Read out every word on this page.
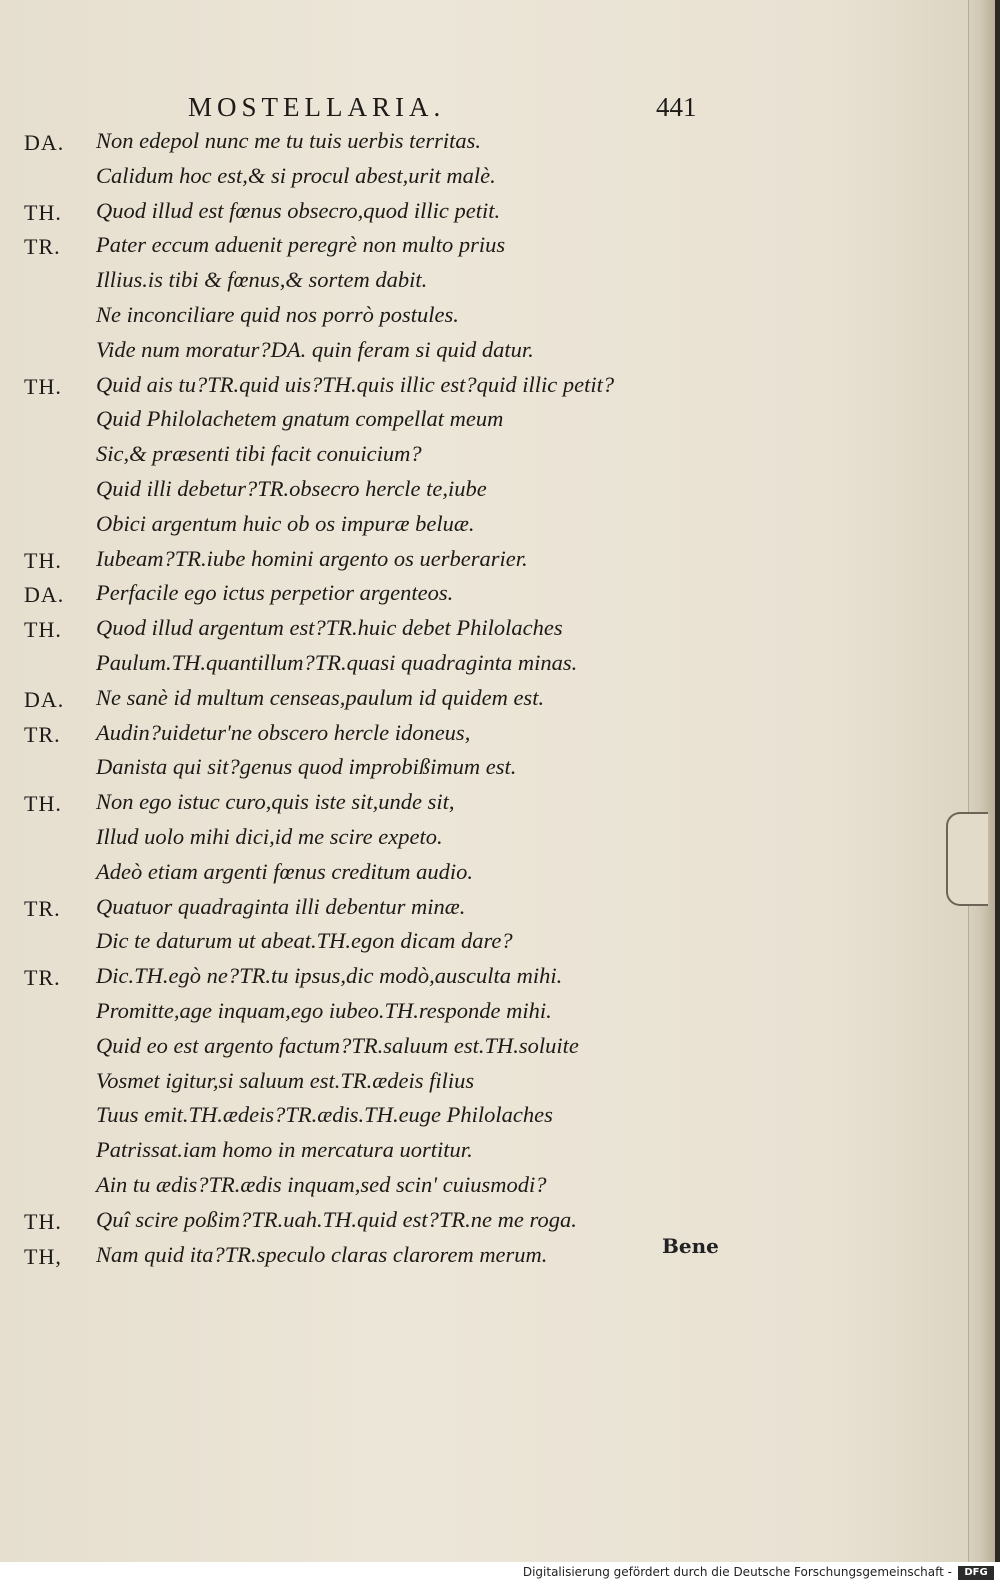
MOSTELLARIA.	441
DA. Non edepol nunc me tu tuis uerbis territas.
Calidum hoc est,& si procul abest,urit malè.
TH. Quod illud est fœnus obsecro,quod illic petit.
TR. Pater eccum aduenit peregrè non multo prius
Illius.is tibi & fœnus,& sortem dabit.
Ne inconciliare quid nos porrò postules.
Vide num moratur?DA. quin feram si quid datur.
TH. Quid ais tu?TR.quid uis?TH.quis illic est?quid illic petit?
Quid Philolachetem gnatum compellat meum
Sic,& præsenti tibi facit conuicium?
Quid illi debetur?TR.obsecro hercle te,iube
Obici argentum huic ob os impuræ beluæ.
TH. Iubeam?TR.iube homini argento os uerberarier.
DA. Perfacile ego ictus perpetior argenteos.
TH. Quod illud argentum est?TR.huic debet Philolaches
Paulum.TH.quantillum?TR.quasi quadraginta minas.
DA. Ne sanè id multum censeas,paulum id quidem est.
TR. Audin?uidetur'ne obscero hercle idoneus,
Danista qui sit?genus quod improbißimum est.
TH. Non ego istuc curo,quis iste sit,unde sit,
Illud uolo mihi dici,id me scire expeto.
Adeò etiam argenti fœnus creditum audio.
TR. Quatuor quadraginta illi debentur minæ.
Dic te daturum ut abeat.TH.egon dicam dare?
TR. Dic.TH.egò ne?TR.tu ipsus,dic modò,ausculta mihi.
Promitte,age inquam,ego iubeo.TH.responde mihi.
Quid eo est argento factum?TR.saluum est.TH.soluite
Vosmet igitur,si saluum est.TR.ædeis filius
Tuus emit.TH.ædeis?TR.ædis.TH.euge Philolaches
Patrissat.iam homo in mercatura uortitur.
Ain tu ædis?TR.ædis inquam,sed scin' cuiusmodi?
TH. Quî scire poßim?TR.uah.TH.quid est?TR.ne me roga.
TH, Nam quid ita?TR.speculo claras clarorem merum.	Bene
Digitalisierung gefördert durch die Deutsche Forschungsgemeinschaft -	DFG
